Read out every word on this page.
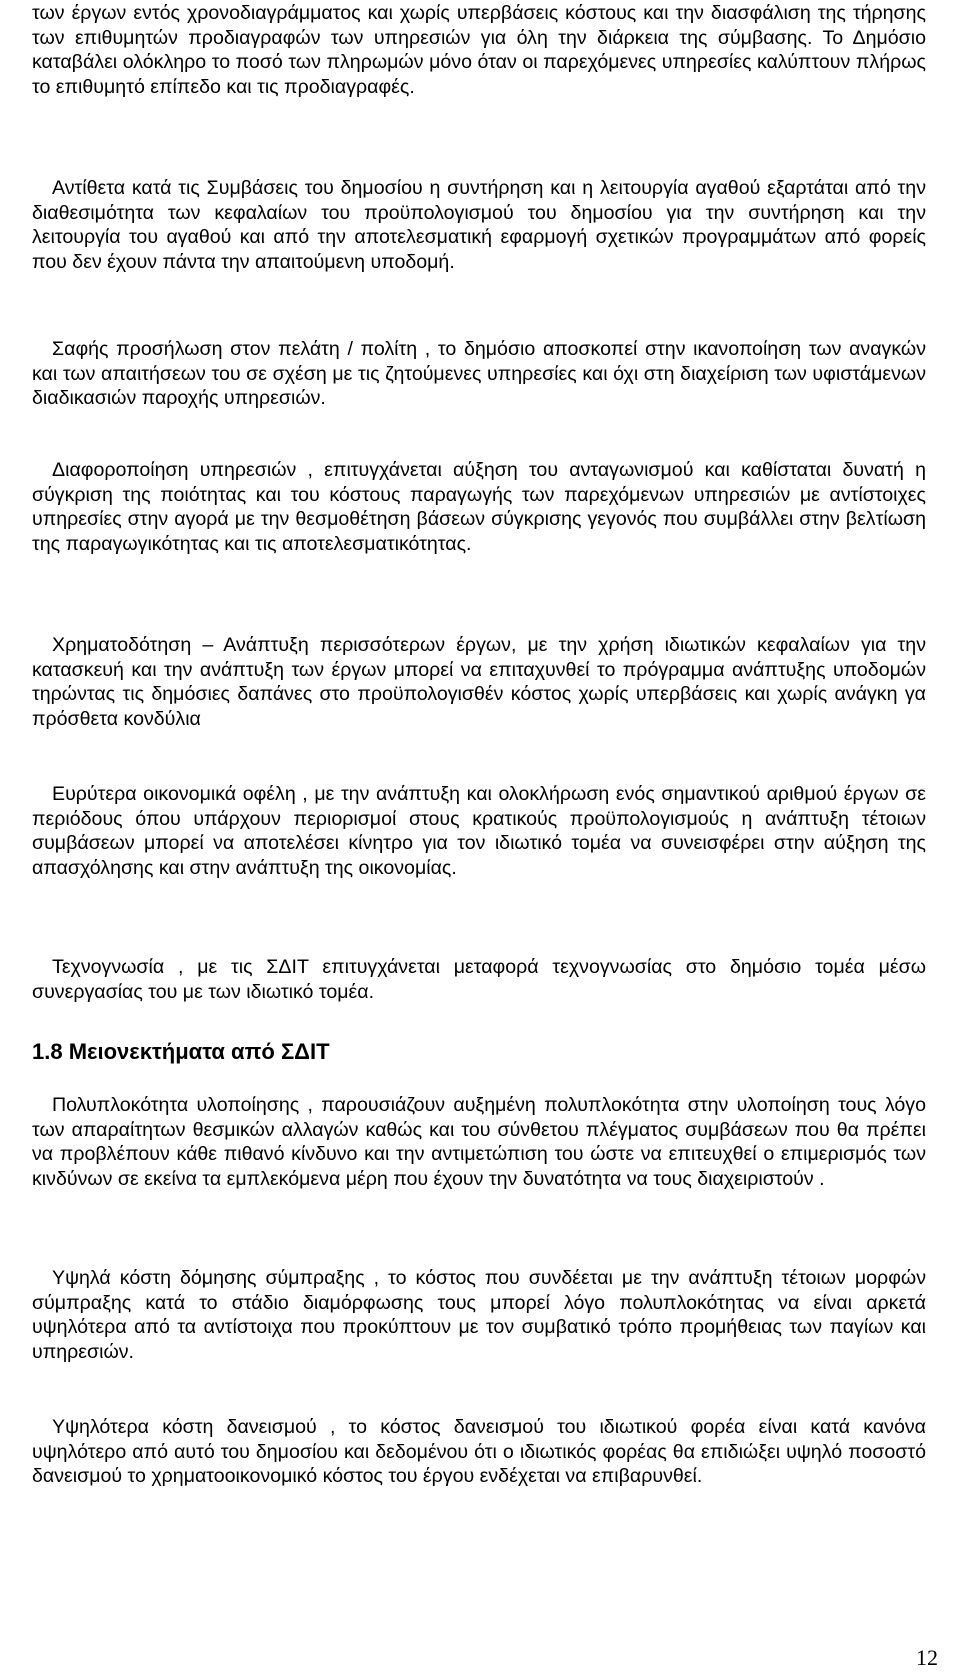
των έργων εντός χρονοδιαγράμματος και χωρίς υπερβάσεις κόστους και την διασφάλιση της τήρησης των επιθυμητών προδιαγραφών των υπηρεσιών για όλη την διάρκεια της σύμβασης. Το Δημόσιο καταβάλει ολόκληρο το ποσό των πληρωμών μόνο όταν οι παρεχόμενες υπηρεσίες καλύπτουν πλήρως το επιθυμητό επίπεδο και τις προδιαγραφές.

Αντίθετα κατά τις Συμβάσεις του δημοσίου η συντήρηση και η λειτουργία αγαθού εξαρτάται από την διαθεσιμότητα των κεφαλαίων του προϋπολογισμού του δημοσίου για την συντήρηση και την λειτουργία του αγαθού και από την αποτελεσματική εφαρμογή σχετικών προγραμμάτων από φορείς που δεν έχουν πάντα την απαιτούμενη υποδομή.

Σαφής προσήλωση στον πελάτη / πολίτη , το δημόσιο αποσκοπεί στην ικανοποίηση των αναγκών και των απαιτήσεων του σε σχέση με τις ζητούμενες υπηρεσίες και όχι στη διαχείριση των υφιστάμενων διαδικασιών παροχής υπηρεσιών.

Διαφοροποίηση υπηρεσιών , επιτυγχάνεται αύξηση του ανταγωνισμού και καθίσταται δυνατή η σύγκριση της ποιότητας και του κόστους παραγωγής των παρεχόμενων υπηρεσιών με αντίστοιχες υπηρεσίες στην αγορά με την θεσμοθέτηση βάσεων σύγκρισης γεγονός που συμβάλλει στην βελτίωση της παραγωγικότητας και τις αποτελεσματικότητας.

Χρηματοδότηση – Ανάπτυξη περισσότερων έργων, με την χρήση ιδιωτικών κεφαλαίων για την κατασκευή και την ανάπτυξη των έργων μπορεί να επιταχυνθεί το πρόγραμμα ανάπτυξης υποδομών τηρώντας τις δημόσιες δαπάνες στο προϋπολογισθέν κόστος χωρίς υπερβάσεις και χωρίς ανάγκη γα πρόσθετα κονδύλια

Ευρύτερα οικονομικά οφέλη , με την ανάπτυξη και ολοκλήρωση ενός σημαντικού αριθμού έργων σε περιόδους όπου υπάρχουν περιορισμοί στους κρατικούς προϋπολογισμούς η ανάπτυξη τέτοιων συμβάσεων μπορεί να αποτελέσει κίνητρο για τον ιδιωτικό τομέα να συνεισφέρει στην αύξηση της απασχόλησης και στην ανάπτυξη της οικονομίας.

Τεχνογνωσία , με τις ΣΔΙΤ επιτυγχάνεται μεταφορά τεχνογνωσίας στο δημόσιο τομέα μέσω συνεργασίας του με των ιδιωτικό τομέα.

1.8 Μειονεκτήματα από ΣΔΙΤ

Πολυπλοκότητα υλοποίησης , παρουσιάζουν αυξημένη πολυπλοκότητα στην υλοποίηση τους λόγο των απαραίτητων θεσμικών αλλαγών καθώς και του σύνθετου πλέγματος συμβάσεων που θα πρέπει να προβλέπουν κάθε πιθανό κίνδυνο και την αντιμετώπιση του ώστε να επιτευχθεί ο επιμερισμός των κινδύνων σε εκείνα τα εμπλεκόμενα μέρη που έχουν την δυνατότητα να τους διαχειριστούν .

Υψηλά κόστη δόμησης σύμπραξης , το κόστος που συνδέεται με την ανάπτυξη τέτοιων μορφών σύμπραξης κατά το στάδιο διαμόρφωσης τους μπορεί λόγο πολυπλοκότητας να είναι αρκετά υψηλότερα από τα αντίστοιχα που προκύπτουν με τον συμβατικό τρόπο προμήθειας των παγίων και υπηρεσιών.

Υψηλότερα κόστη δανεισμού , το κόστος δανεισμού του ιδιωτικού φορέα είναι κατά κανόνα υψηλότερο από αυτό του δημοσίου και δεδομένου ότι ο ιδιωτικός φορέας θα επιδιώξει υψηλό ποσοστό δανεισμού το χρηματοοικονομικό κόστος του έργου ενδέχεται να επιβαρυνθεί.

12
